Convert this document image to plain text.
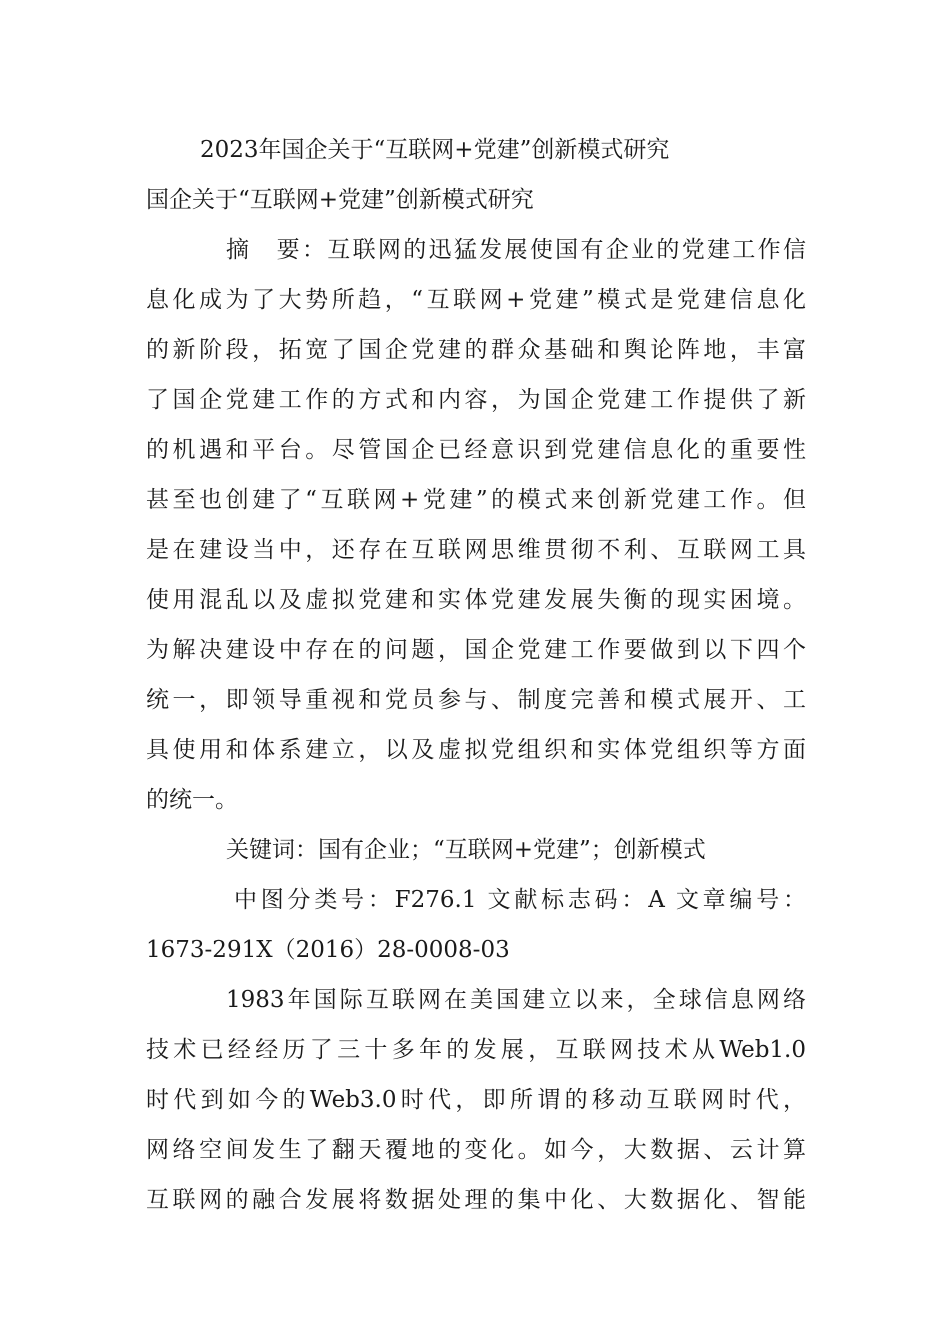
2023年国企关于“互联网+党建”创新模式研究
国企关于“互联网+党建”创新模式研究
摘　要：互联网的迅猛发展使国有企业的党建工作信
息化成为了大势所趋，“互联网+党建”模式是党建信息化
的新阶段，拓宽了国企党建的群众基础和舆论阵地，丰富
了国企党建工作的方式和内容，为国企党建工作提供了新
的机遇和平台。尽管国企已经意识到党建信息化的重要性
甚至也创建了“互联网+党建”的模式来创新党建工作。但
是在建设当中，还存在互联网思维贯彻不利、互联网工具
使用混乱以及虚拟党建和实体党建发展失衡的现实困境。
为解决建设中存在的问题，国企党建工作要做到以下四个
统一，即领导重视和党员参与、制度完善和模式展开、工
具使用和体系建立，以及虚拟党组织和实体党组织等方面
的统一。
关键词：国有企业；“互联网+党建”；创新模式
中图分类号：F276.1 文献标志码：A 文章编号：
1673-291X（2016）28-0008-03
1983年国际互联网在美国建立以来，全球信息网络
技术已经经历了三十多年的发展，互联网技术从Web1.0
时代到如今的Web3.0时代，即所谓的移动互联网时代，
网络空间发生了翻天覆地的变化。如今，大数据、云计算
互联网的融合发展将数据处理的集中化、大数据化、智能
